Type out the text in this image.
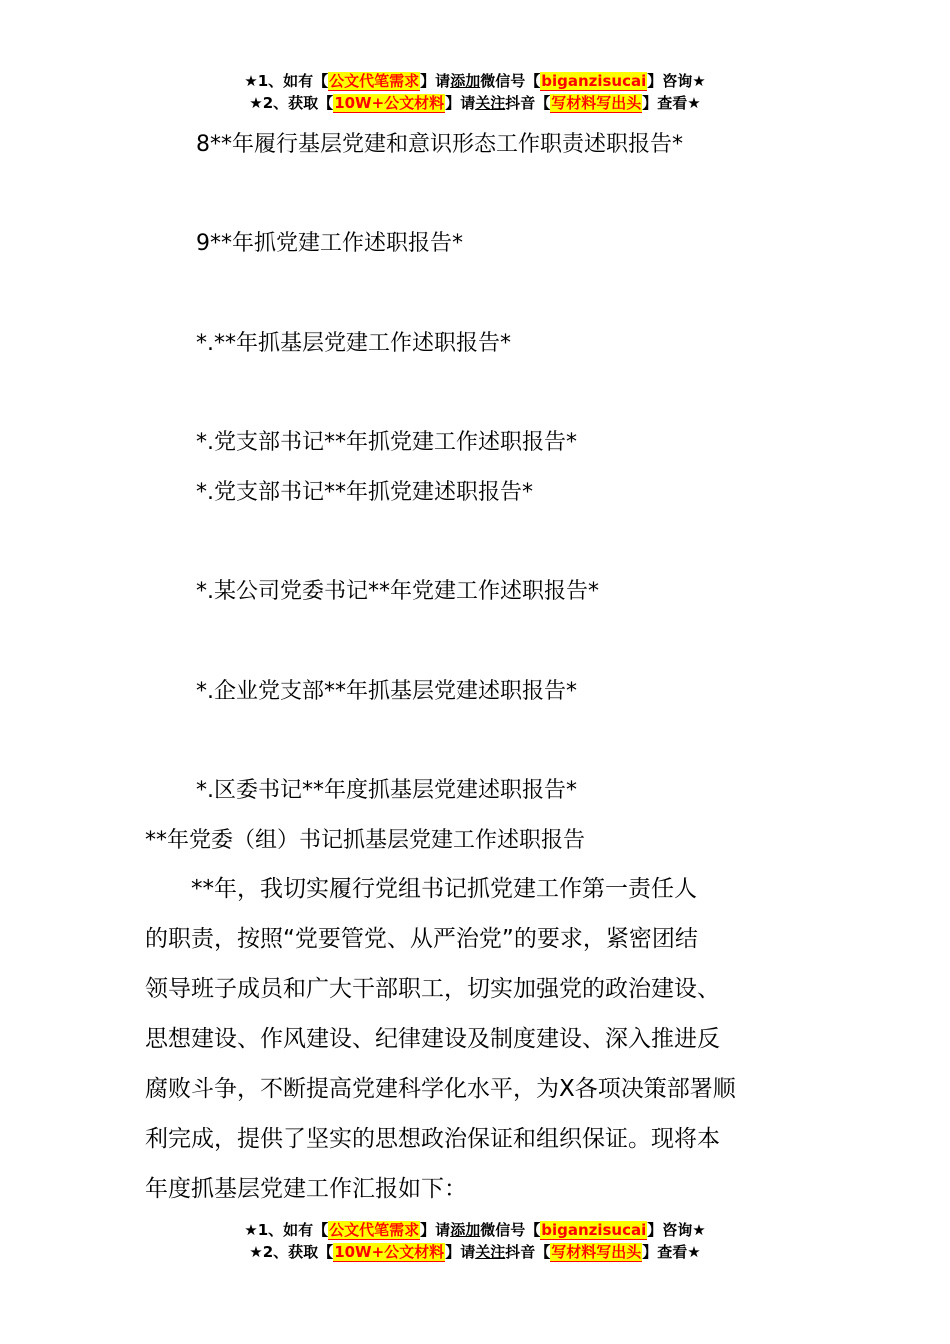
★1、如有【公文代笔需求】请添加微信号【biganzisucai】咨询★
★2、获取【10W+公文材料】请关注抖音【写材料写出头】查看★
8**年履行基层党建和意识形态工作职责述职报告*
9**年抓党建工作述职报告*
*.**年抓基层党建工作述职报告*
*.党支部书记**年抓党建工作述职报告*
*.党支部书记**年抓党建述职报告*
*.某公司党委书记**年党建工作述职报告*
*.企业党支部**年抓基层党建述职报告*
*.区委书记**年度抓基层党建述职报告*
**年党委（组）书记抓基层党建工作述职报告
　　**年，我切实履行党组书记抓党建工作第一责任人
的职责，按照“党要管党、从严治党”的要求，紧密团结
领导班子成员和广大干部职工，切实加强党的政治建设、
思想建设、作风建设、纪律建设及制度建设、深入推进反
腐败斗争，不断提高党建科学化水平，为X各项决策部署顺
利完成，提供了坚实的思想政治保证和组织保证。现将本
年度抓基层党建工作汇报如下：
★1、如有【公文代笔需求】请添加微信号【biganzisucai】咨询★
★2、获取【10W+公文材料】请关注抖音【写材料写出头】查看★
